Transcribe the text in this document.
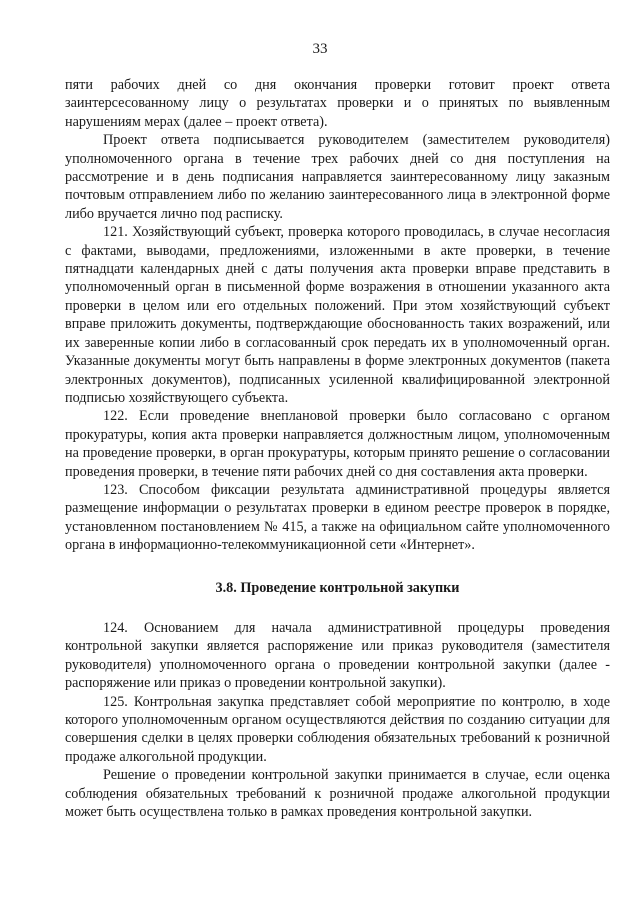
33

пяти рабочих дней со дня окончания проверки готовит проект ответа заинтерсесованному лицу о результатах проверки и о принятых по выявленным нарушениям мерах (далее – проект ответа).

Проект ответа подписывается руководителем (заместителем руководителя) уполномоченного органа в течение трех рабочих дней со дня поступления на рассмотрение и в день подписания направляется заинтересованному лицу заказным почтовым отправлением либо по желанию заинтересованного лица в электронной форме либо вручается лично под расписку.

121. Хозяйствующий субъект, проверка которого проводилась, в случае несогласия с фактами, выводами, предложениями, изложенными в акте проверки, в течение пятнадцати календарных дней с даты получения акта проверки вправе представить в уполномоченный орган в письменной форме возражения в отношении указанного акта проверки в целом или его отдельных положений. При этом хозяйствующий субъект вправе приложить документы, подтверждающие обоснованность таких возражений, или их заверенные копии либо в согласованный срок передать их в уполномоченный орган. Указанные документы могут быть направлены в форме электронных документов (пакета электронных документов), подписанных усиленной квалифицированной электронной подписью хозяйствующего субъекта.

122. Если проведение внеплановой проверки было согласовано с органом прокуратуры, копия акта проверки направляется должностным лицом, уполномоченным на проведение проверки, в орган прокуратуры, которым принято решение о согласовании проведения проверки, в течение пяти рабочих дней со дня составления акта проверки.

123. Способом фиксации результата административной процедуры является размещение информации о результатах проверки в едином реестре проверок в порядке, установленном постановлением № 415, а также на официальном сайте уполномоченного органа в информационно-телекоммуникационной сети «Интернет».

3.8. Проведение контрольной закупки

124. Основанием для начала административной процедуры проведения контрольной закупки является распоряжение или приказ руководителя (заместителя руководителя) уполномоченного органа о проведении контрольной закупки (далее - распоряжение или приказ о проведении контрольной закупки).

125. Контрольная закупка представляет собой мероприятие по контролю, в ходе которого уполномоченным органом осуществляются действия по созданию ситуации для совершения сделки в целях проверки соблюдения обязательных требований к розничной продаже алкогольной продукции.

Решение о проведении контрольной закупки принимается в случае, если оценка соблюдения обязательных требований к розничной продаже алкогольной продукции может быть осуществлена только в рамках проведения контрольной закупки.
